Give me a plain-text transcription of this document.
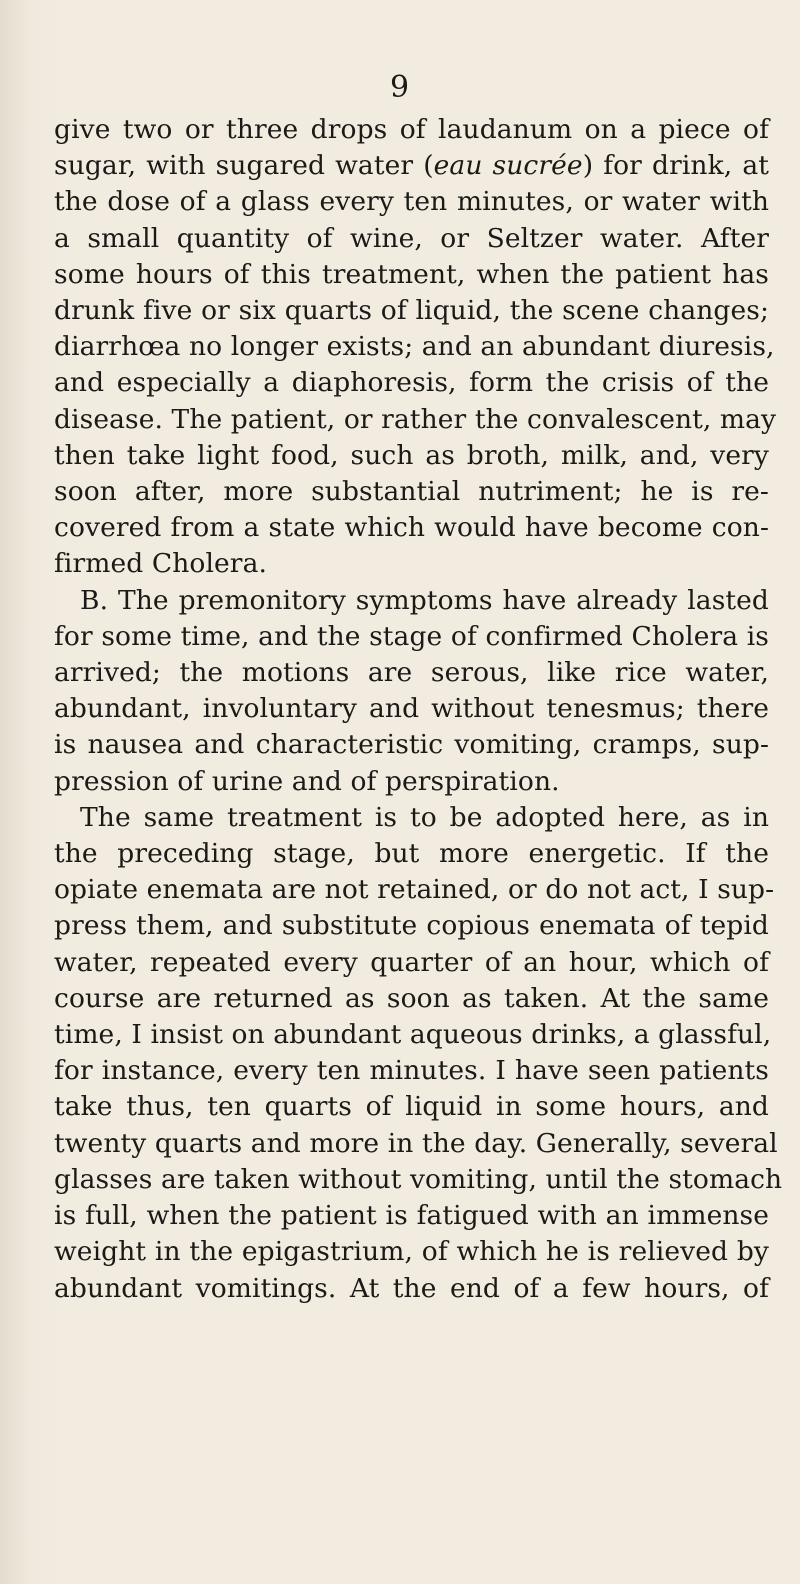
9
give two or three drops of laudanum on a piece of
sugar, with sugared water (eau sucrée) for drink, at
the dose of a glass every ten minutes, or water with
a small quantity of wine, or Seltzer water. After
some hours of this treatment, when the patient has
drunk five or six quarts of liquid, the scene changes;
diarrhœa no longer exists; and an abundant diuresis,
and especially a diaphoresis, form the crisis of the
disease. The patient, or rather the convalescent, may
then take light food, such as broth, milk, and, very
soon after, more substantial nutriment; he is re-
covered from a state which would have become con-
firmed Cholera.
B. The premonitory symptoms have already lasted
for some time, and the stage of confirmed Cholera is
arrived; the motions are serous, like rice water,
abundant, involuntary and without tenesmus; there
is nausea and characteristic vomiting, cramps, sup-
pression of urine and of perspiration.
The same treatment is to be adopted here, as in
the preceding stage, but more energetic. If the
opiate enemata are not retained, or do not act, I sup-
press them, and substitute copious enemata of tepid
water, repeated every quarter of an hour, which of
course are returned as soon as taken. At the same
time, I insist on abundant aqueous drinks, a glassful,
for instance, every ten minutes. I have seen patients
take thus, ten quarts of liquid in some hours, and
twenty quarts and more in the day. Generally, several
glasses are taken without vomiting, until the stomach
is full, when the patient is fatigued with an immense
weight in the epigastrium, of which he is relieved by
abundant vomitings. At the end of a few hours, of
